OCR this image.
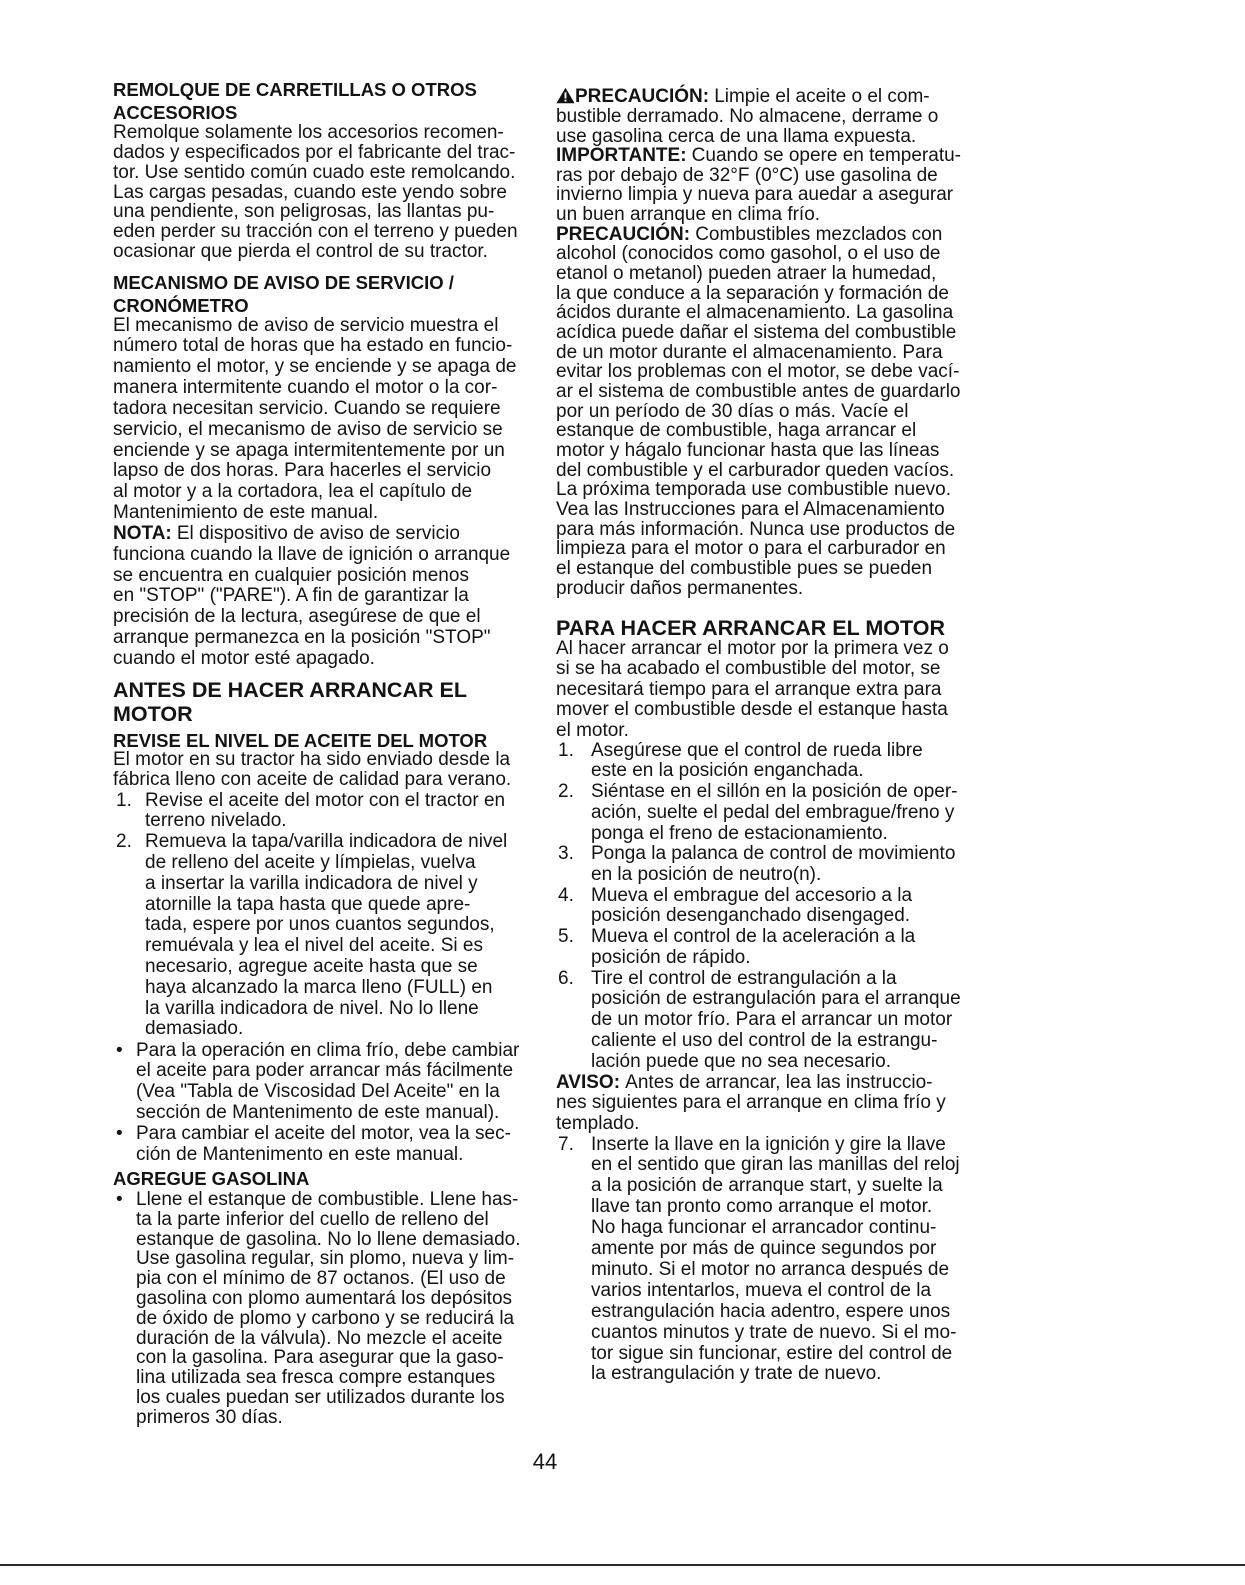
REMOLQUE DE CARRETILLAS O OTROS
ACCESORIOS
Remolque solamente los accesorios recomen-
dados y especificados por el fabricante del trac-
tor. Use sentido común cuado este remolcando.
Las cargas pesadas, cuando este yendo sobre
una pendiente, son peligrosas, las llantas pu-
eden perder su tracción con el terreno y pueden
ocasionar que pierda el control de su tractor.
MECANISMO DE AVISO DE SERVICIO /
CRONÓMETRO
El mecanismo de aviso de servicio muestra el
número total de horas que ha estado en funcio-
namiento el motor, y se enciende y se apaga de
manera intermitente cuando el motor o la cor-
tadora necesitan servicio. Cuando se requiere
servicio, el mecanismo de aviso de servicio se
enciende y se apaga intermitentemente por un
lapso de dos horas. Para hacerles el servicio
al motor y a la cortadora, lea el capítulo de
Mantenimiento de este manual.
NOTA: El dispositivo de aviso de servicio
funciona cuando la llave de ignición o arranque
se encuentra en cualquier posición menos
en "STOP" ("PARE"). A fin de garantizar la
precisión de la lectura, asegúrese de que el
arranque permanezca en la posición "STOP"
cuando el motor esté apagado.
ANTES DE HACER ARRANCAR EL
MOTOR
REVISE EL NIVEL DE ACEITE DEL MOTOR
El motor en su tractor ha sido enviado desde la
fábrica lleno con aceite de calidad para verano.
1. Revise el aceite del motor con el tractor en
terreno nivelado.
2. Remueva la tapa/varilla indicadora de nivel
de relleno del aceite y límpielas, vuelva
a insertar la varilla indicadora de nivel y
atornille la tapa hasta que quede apre-
tada, espere por unos cuantos segundos,
remuévala y lea el nivel del aceite. Si es
necesario, agregue aceite hasta que se
haya alcanzado la marca lleno (FULL) en
la varilla indicadora de nivel. No lo llene
demasiado.
• Para la operación en clima frío, debe cambiar
el aceite para poder arrancar más fácilmente
(Vea "Tabla de Viscosidad Del Aceite" en la
sección de Mantenimento de este manual).
• Para cambiar el aceite del motor, vea la sec-
ción de Mantenimento en este manual.
AGREGUE GASOLINA
• Llene el estanque de combustible. Llene has-
ta la parte inferior del cuello de relleno del
estanque de gasolina. No lo llene demasiado.
Use gasolina regular, sin plomo, nueva y lim-
pia con el mínimo de 87 octanos. (El uso de
gasolina con plomo aumentará los depósitos
de óxido de plomo y carbono y se reducirá la
duración de la válvula). No mezcle el aceite
con la gasolina. Para asegurar que la gaso-
lina utilizada sea fresca compre estanques
los cuales puedan ser utilizados durante los
primeros 30 días.
PRECAUCIÓN: Limpie el aceite o el com-
bustible derramado. No almacene, derrame o
use gasolina cerca de una llama expuesta.
IMPORTANTE: Cuando se opere en temperatu-
ras por debajo de 32°F (0°C) use gasolina de
invierno limpia y nueva para auedar a asegurar
un buen arranque en clima frío.
PRECAUCIÓN: Combustibles mezclados con
alcohol (conocidos como gasohol, o el uso de
etanol o metanol) pueden atraer la humedad,
la que conduce a la separación y formación de
ácidos durante el almacenamiento. La gasolina
acídica puede dañar el sistema del combustible
de un motor durante el almacenamiento. Para
evitar los problemas con el motor, se debe vací-
ar el sistema de combustible antes de guardarlo
por un período de 30 días o más. Vacíe el
estanque de combustible, haga arrancar el
motor y hágalo funcionar hasta que las líneas
del combustible y el carburador queden vacíos.
La próxima temporada use combustible nuevo.
Vea las Instrucciones para el Almacenamiento
para más información. Nunca use productos de
limpieza para el motor o para el carburador en
el estanque del combustible pues se pueden
producir daños permanentes.
PARA HACER ARRANCAR EL MOTOR
Al hacer arrancar el motor por la primera vez o
si se ha acabado el combustible del motor, se
necesitará tiempo para el arranque extra para
mover el combustible desde el estanque hasta
el motor.
1. Asegúrese que el control de rueda libre
este en la posición enganchada.
2. Siéntase en el sillón en la posición de oper-
ación, suelte el pedal del embrague/freno y
ponga el freno de estacionamiento.
3. Ponga la palanca de control de movimiento
en la posición de neutro(n).
4. Mueva el embrague del accesorio a la
posición desenganchado disengaged.
5. Mueva el control de la aceleración a la
posición de rápido.
6. Tire el control de estrangulación a la
posición de estrangulación para el arranque
de un motor frío. Para el arrancar un motor
caliente el uso del control de la estrangu-
lación puede que no sea necesario.
AVISO: Antes de arrancar, lea las instruccio-
nes siguientes para el arranque en clima frío y
templado.
7. Inserte la llave en la ignición y gire la llave
en el sentido que giran las manillas del reloj
a la posición de arranque start, y suelte la
llave tan pronto como arranque el motor.
No haga funcionar el arrancador continu-
amente por más de quince segundos por
minuto. Si el motor no arranca después de
varios intentarlos, mueva el control de la
estrangulación hacia adentro, espere unos
cuantos minutos y trate de nuevo. Si el mo-
tor sigue sin funcionar, estire del control de
la estrangulación y trate de nuevo.
44
